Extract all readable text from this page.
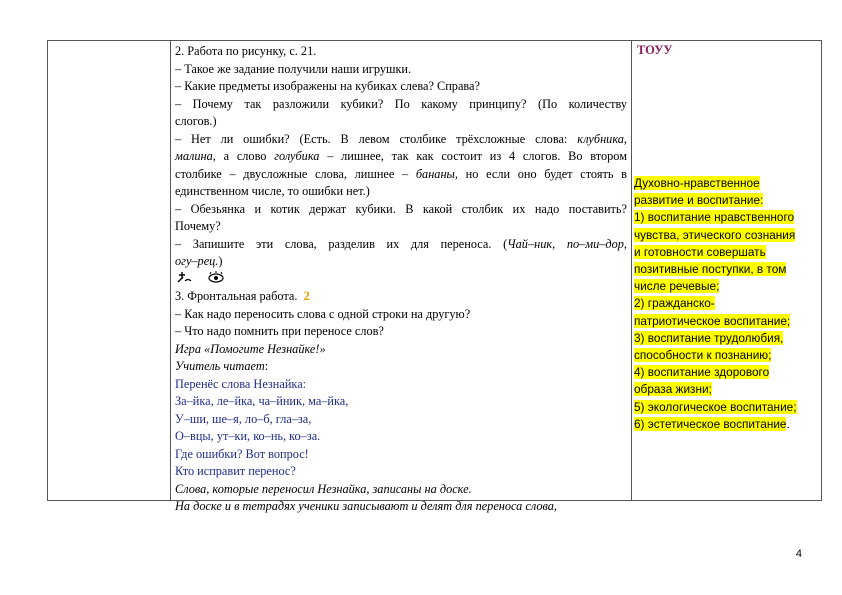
2. Работа по рисунку, с. 21.
– Такое же задание получили наши игрушки.
– Какие предметы изображены на кубиках слева? Справа?
– Почему так разложили кубики? По какому принципу? (По количеству
слогов.)
– Нет ли ошибки? (Есть. В левом столбике трёхсложные слова: клубника,
малина, а слово голубика – лишнее, так как состоит из 4 слогов. Во втором
столбике – двусложные слова, лишнее – бананы, но если оно будет стоять в
единственном числе, то ошибки нет.)
– Обезьянка и котик держат кубики. В какой столбик их надо поставить?
Почему?
– Запишите эти слова, разделив их для переноса. (Чай–ник, по–ми–дор,
огу–рец.)
3. Фронтальная работа. 2
– Как надо переносить слова с одной строки на другую?
– Что надо помнить при переносе слов?
Игра «Помогите Незнайке!»
Учитель читает:
Перенёс слова Незнайка:
За–йка, ле–йка, ча–йник, ма–йка,
У–ши, ше–я, ло–б, гла–за,
О–вцы, ут–ки, ко–нь, ко–за.
Где ошибки? Вот вопрос!
Кто исправит перенос?
Слова, которые переносил Незнайка, записаны на доске.
На доске и в тетрадях ученики записывают и делят для переноса слова,
ТОУУ
Духовно-нравственное
развитие и воспитание:
1) воспитание нравственного
чувства, этического сознания
и готовности совершать
позитивные поступки, в том
числе речевые;
2) гражданско-
патриотическое воспитание;
3) воспитание трудолюбия,
способности к познанию;
4) воспитание здорового
образа жизни;
5) экологическое воспитание;
6) эстетическое воспитание.
4
